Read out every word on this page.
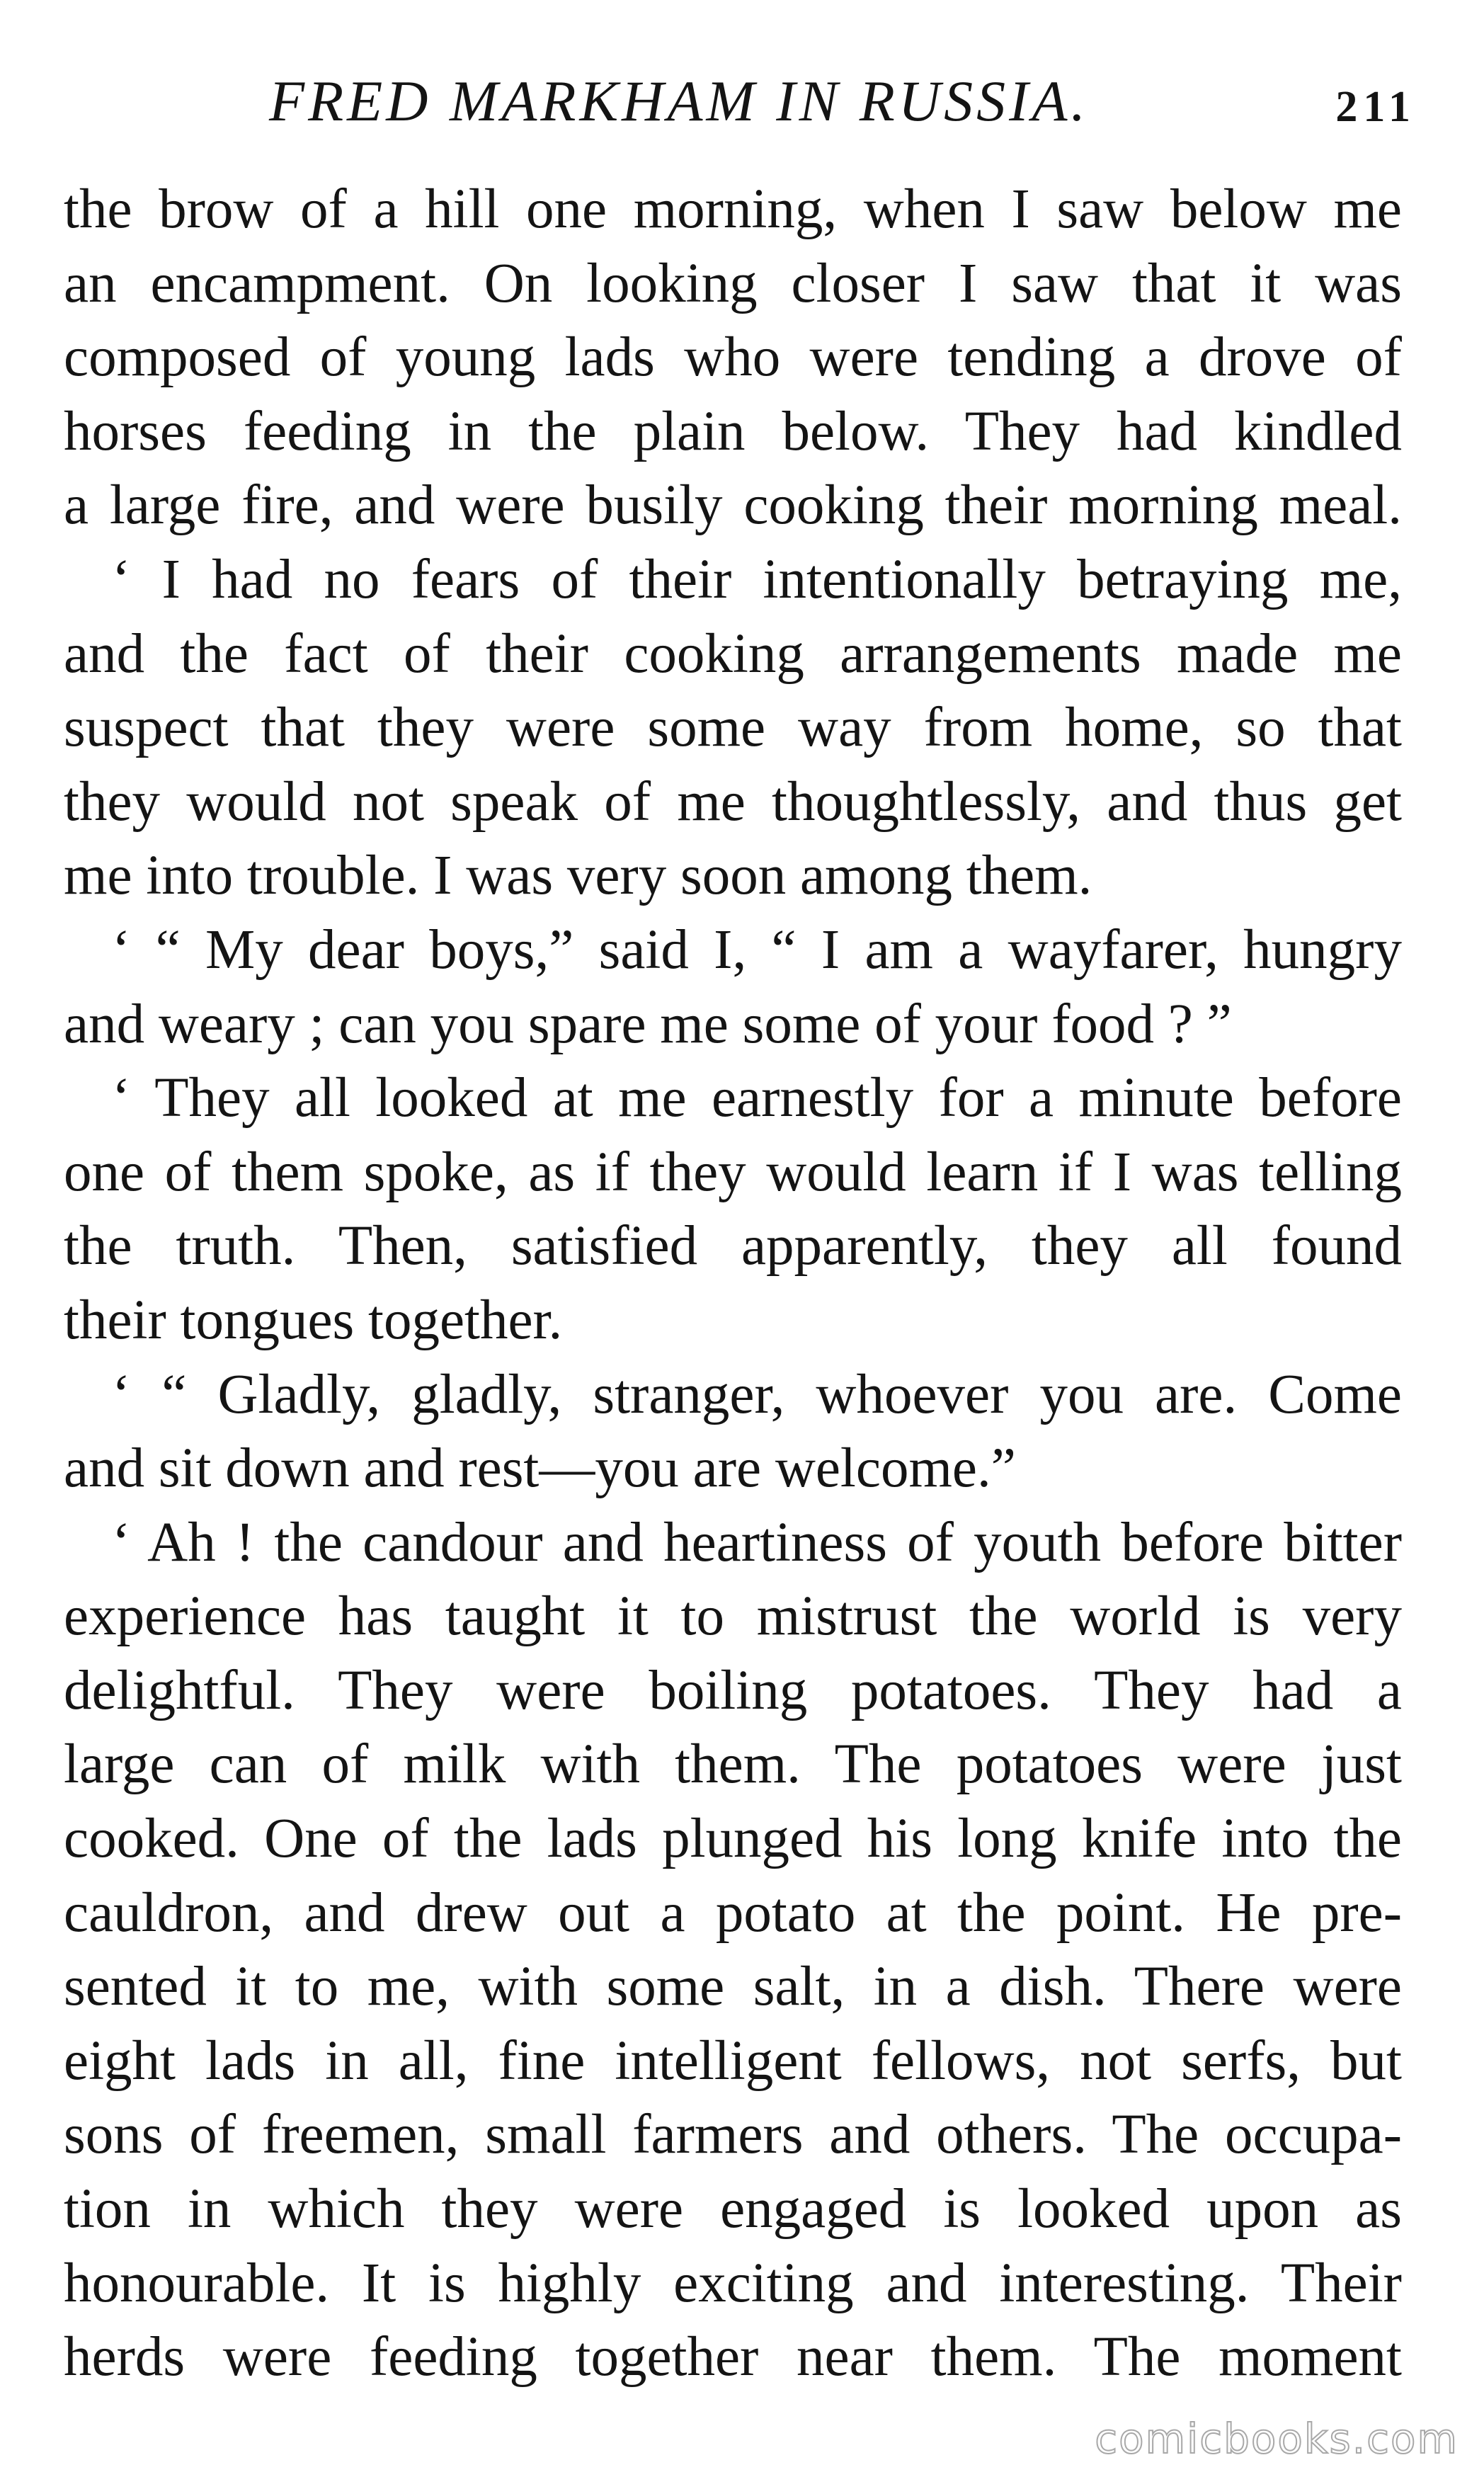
FRED MARKHAM IN RUSSIA.	211
the brow of a hill one morning, when I saw below me
an encampment. On looking closer I saw that it was
composed of young lads who were tending a drove of
horses feeding in the plain below. They had kindled
a large fire, and were busily cooking their morning meal.
‘ I had no fears of their intentionally betraying me,
and the fact of their cooking arrangements made me
suspect that they were some way from home, so that
they would not speak of me thoughtlessly, and thus get
me into trouble. I was very soon among them.
‘ “ My dear boys,” said I, “ I am a wayfarer, hungry
and weary ; can you spare me some of your food ? ”
‘ They all looked at me earnestly for a minute before
one of them spoke, as if they would learn if I was telling
the truth. Then, satisfied apparently, they all found
their tongues together.
‘ “ Gladly, gladly, stranger, whoever you are. Come
and sit down and rest—you are welcome.”
‘ Ah ! the candour and heartiness of youth before bitter
experience has taught it to mistrust the world is very
delightful. They were boiling potatoes. They had a
large can of milk with them. The potatoes were just
cooked. One of the lads plunged his long knife into the
cauldron, and drew out a potato at the point. He pre-
sented it to me, with some salt, in a dish. There were
eight lads in all, fine intelligent fellows, not serfs, but
sons of freemen, small farmers and others. The occupa-
tion in which they were engaged is looked upon as
honourable. It is highly exciting and interesting. Their
herds were feeding together near them. The moment
comicbooks.com
